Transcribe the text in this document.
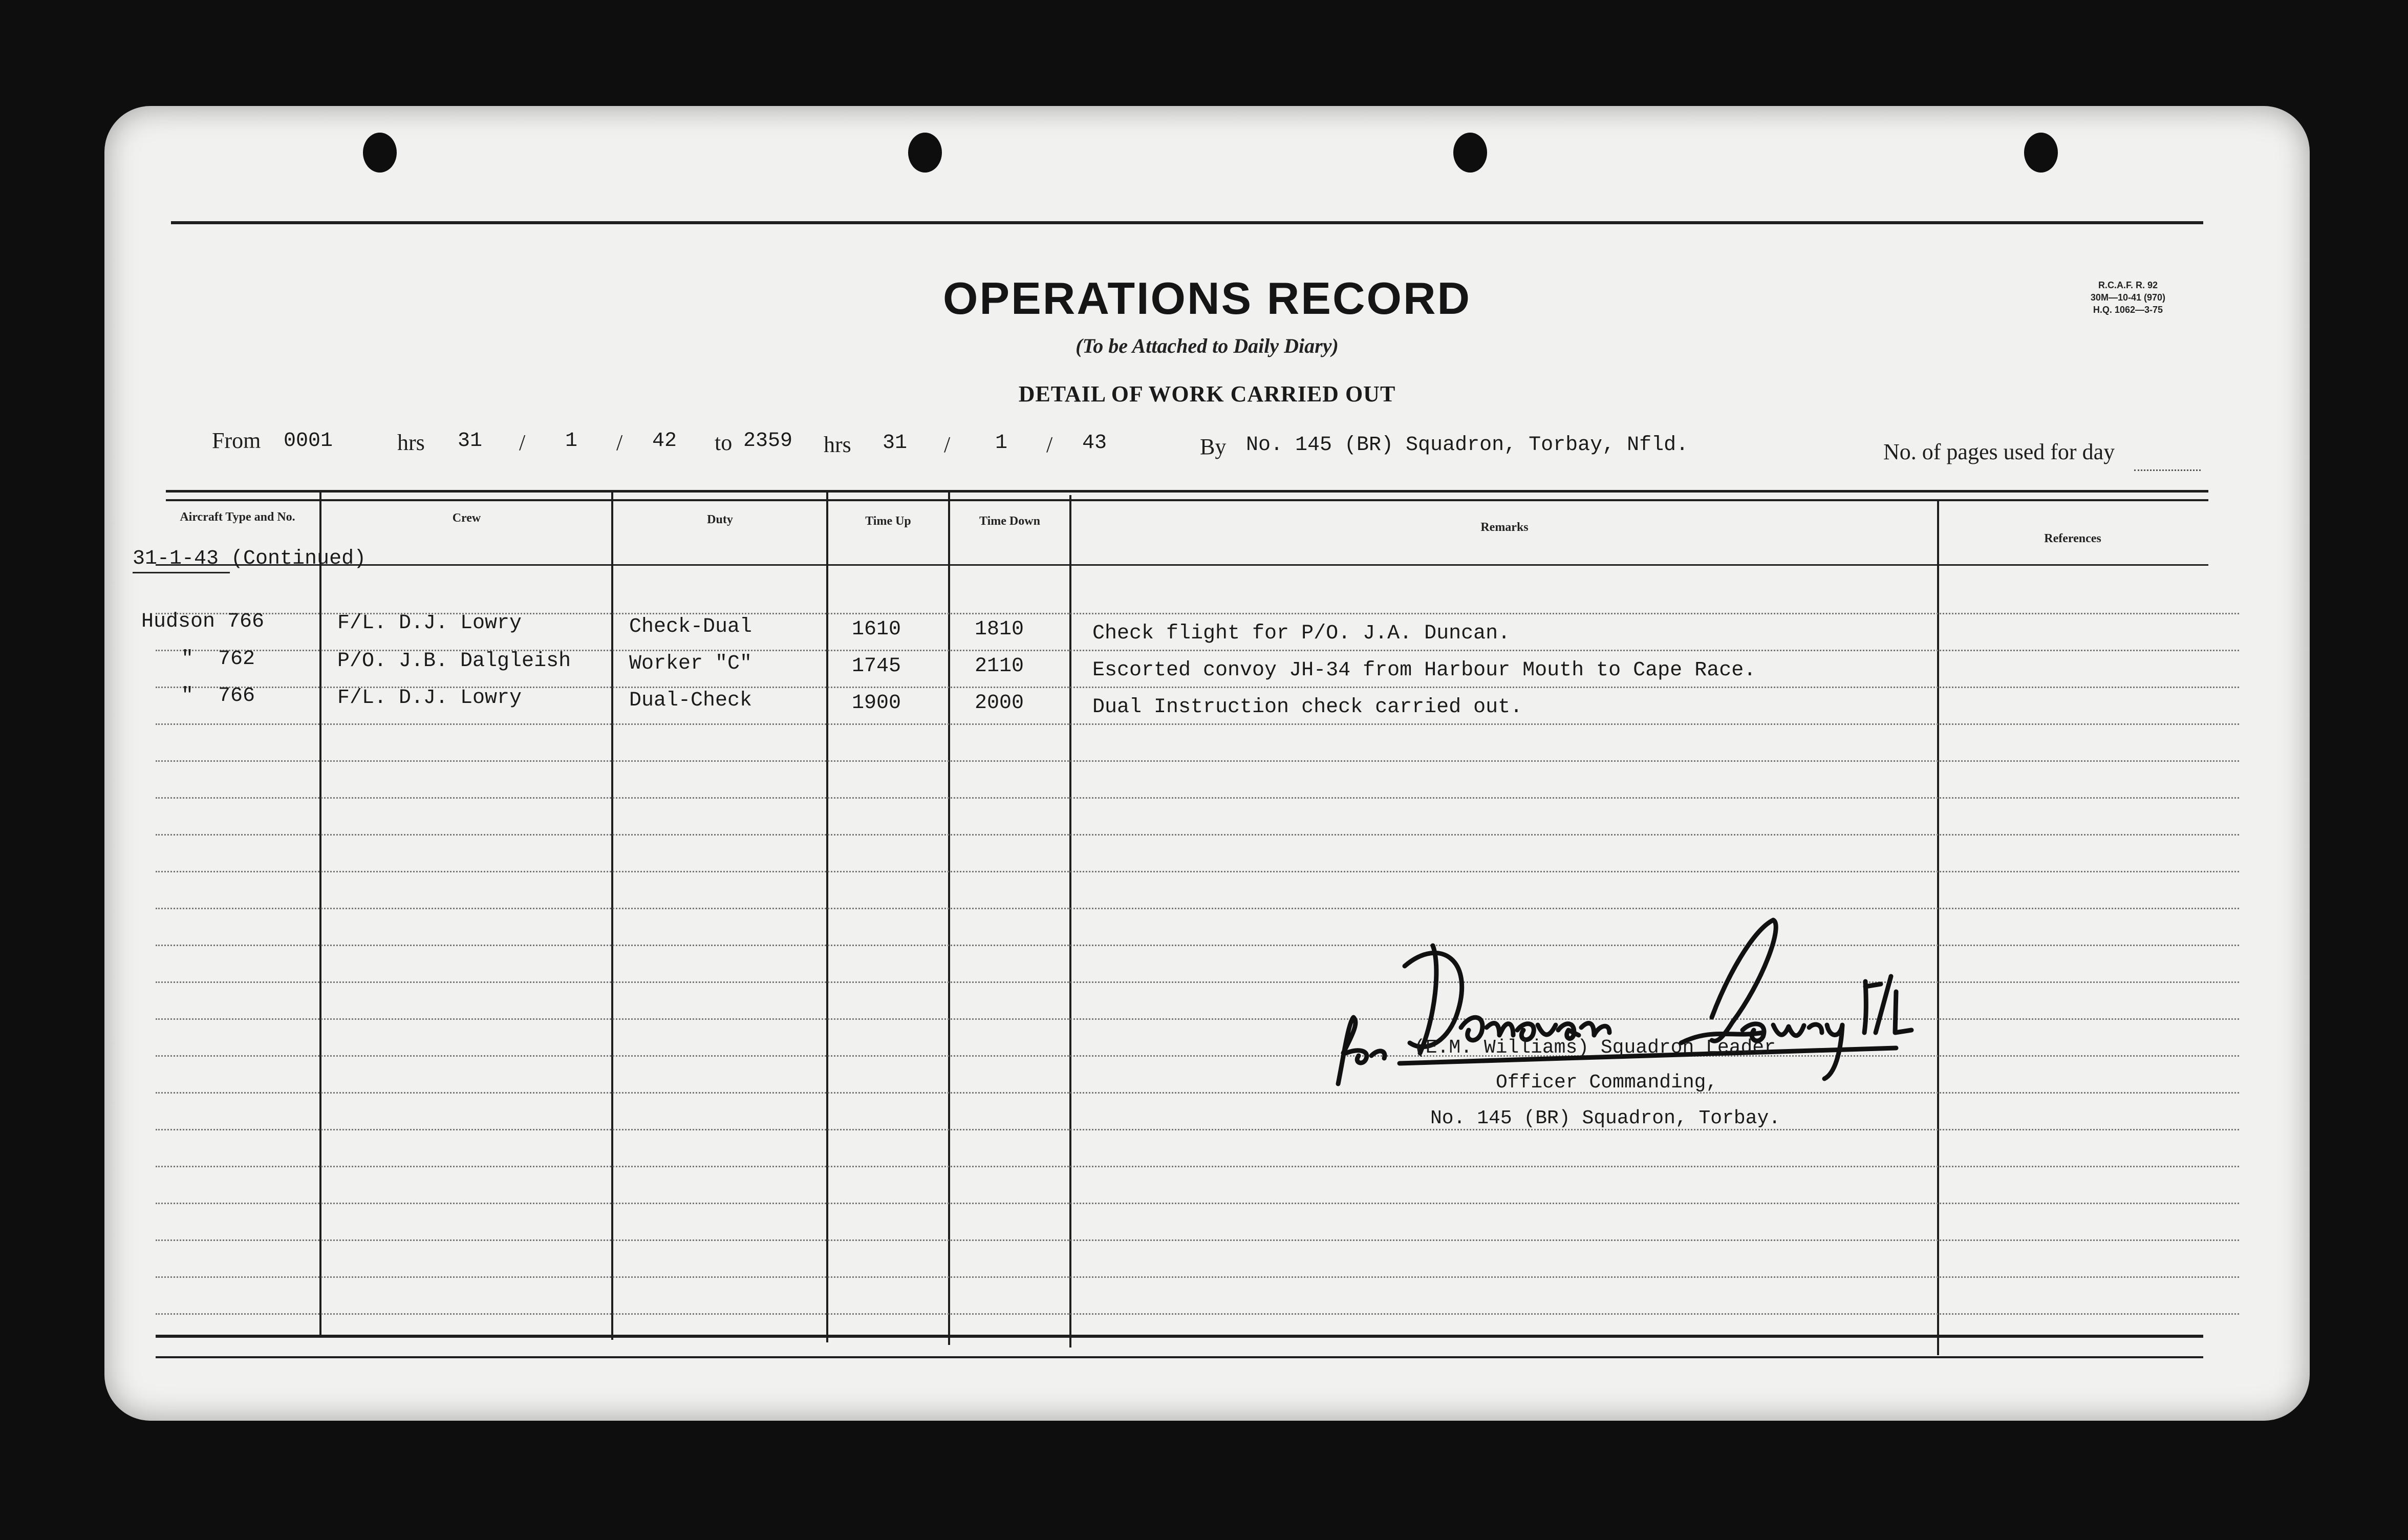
OPERATIONS RECORD
(To be Attached to Daily Diary)
DETAIL OF WORK CARRIED OUT
R.C.A.F. R. 92
30M—10-41 (970)
H.Q. 1062—3-75
From 0001	hrs 31 / 1 / 42 to 2359 hrs 31 / 1 / 43	By No. 145 (BR) Squadron, Torbay, Nfld.	No. of pages used for day
Aircraft Type and No.	Crew	Duty	Time Up	Time Down	Remarks
References
31-1-43 (Continued)
Hudson 766	F/L. D.J. Lowry	Check-Dual	1610	1810	Check flight for P/O. J.A. Duncan.
"  762	P/O. J.B. Dalgleish	Worker "C"	1745	2110	Escorted convoy JH-34 from Harbour Mouth to Cape Race.
"  766	F/L. D.J. Lowry	Dual-Check	1900	2000	Dual Instruction check carried out.
(E.M. Williams) Squadron Leader
Officer Commanding,
No. 145 (BR) Squadron, Torbay.
